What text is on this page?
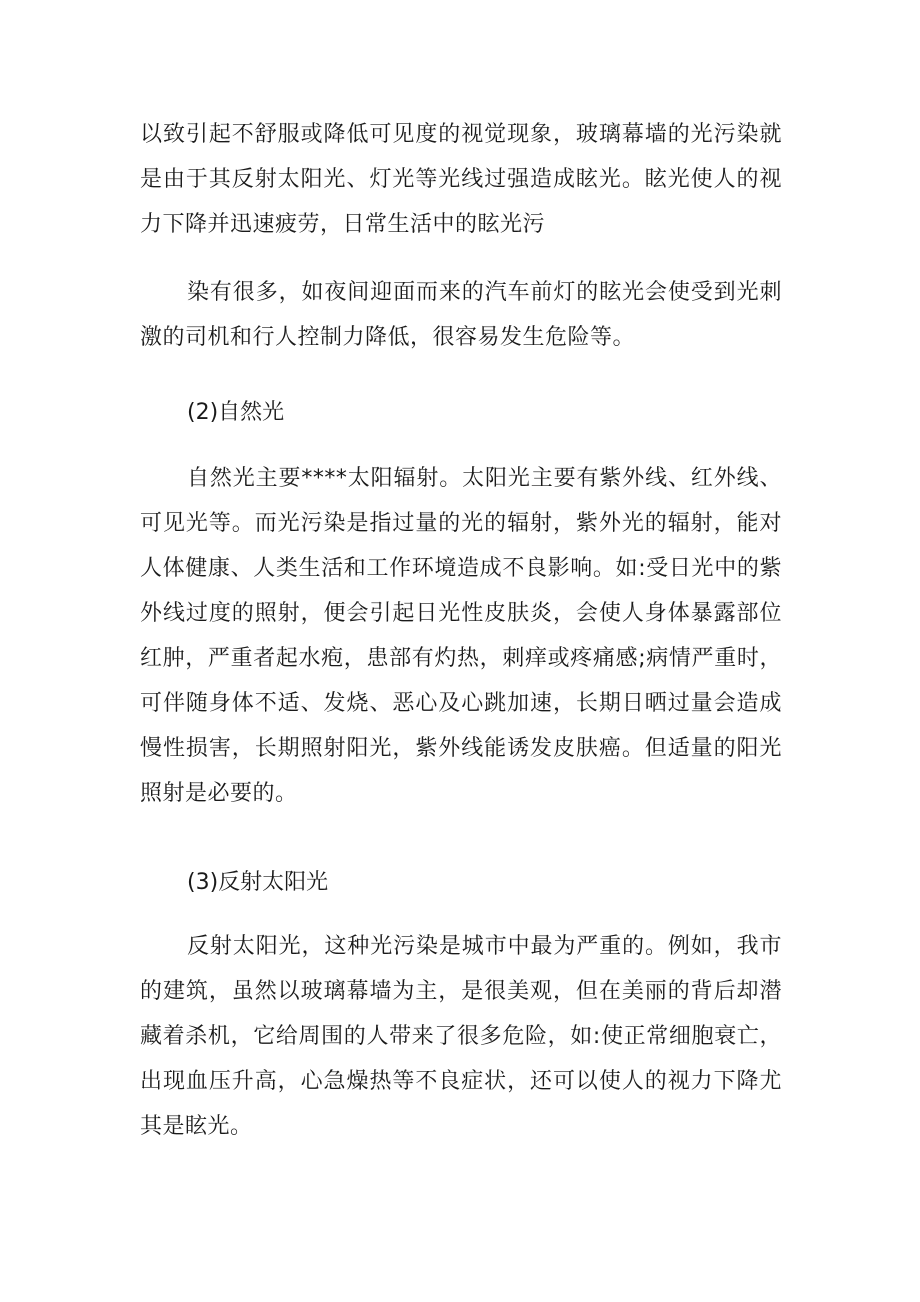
以致引起不舒服或降低可见度的视觉现象，玻璃幕墙的光污染就是由于其反射太阳光、灯光等光线过强造成眩光。眩光使人的视力下降并迅速疲劳，日常生活中的眩光污

染有很多，如夜间迎面而来的汽车前灯的眩光会使受到光刺激的司机和行人控制力降低，很容易发生危险等。

(2)自然光

自然光主要****太阳辐射。太阳光主要有紫外线、红外线、可见光等。而光污染是指过量的光的辐射，紫外光的辐射，能对人体健康、人类生活和工作环境造成不良影响。如:受日光中的紫外线过度的照射，便会引起日光性皮肤炎，会使人身体暴露部位红肿，严重者起水疱，患部有灼热，刺痒或疼痛感;病情严重时，可伴随身体不适、发烧、恶心及心跳加速，长期日晒过量会造成慢性损害，长期照射阳光，紫外线能诱发皮肤癌。但适量的阳光照射是必要的。

(3)反射太阳光

反射太阳光，这种光污染是城市中最为严重的。例如，我市的建筑，虽然以玻璃幕墙为主，是很美观，但在美丽的背后却潜藏着杀机，它给周围的人带来了很多危险，如:使正常细胞衰亡，出现血压升高，心急燥热等不良症状，还可以使人的视力下降尤其是眩光。
